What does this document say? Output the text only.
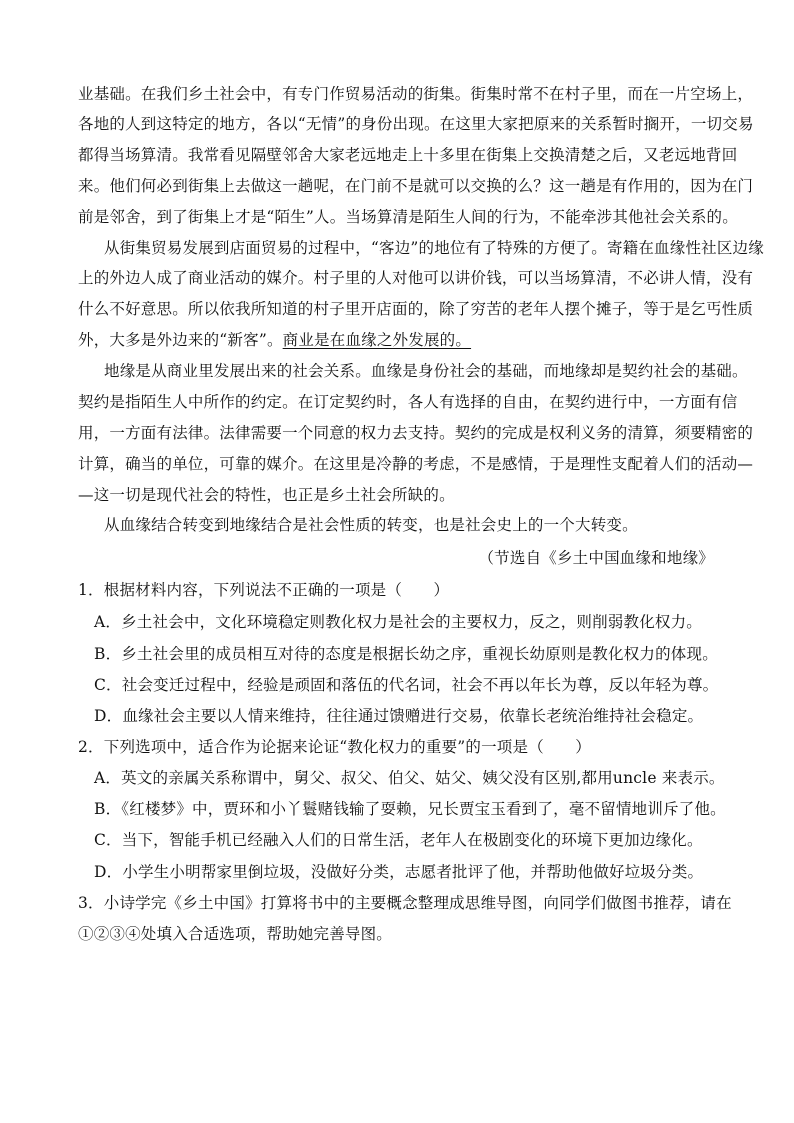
业基础。在我们乡土社会中，有专门作贸易活动的街集。街集时常不在村子里，而在一片空场上，
各地的人到这特定的地方，各以“无情”的身份出现。在这里大家把原来的关系暂时搁开，一切交易
都得当场算清。我常看见隔壁邻舍大家老远地走上十多里在街集上交换清楚之后，又老远地背回
来。他们何必到街集上去做这一趟呢，在门前不是就可以交换的么？这一趟是有作用的，因为在门
前是邻舍，到了街集上才是“陌生”人。当场算清是陌生人间的行为，不能牵涉其他社会关系的。
从街集贸易发展到店面贸易的过程中，“客边”的地位有了特殊的方便了。寄籍在血缘性社区边缘
上的外边人成了商业活动的媒介。村子里的人对他可以讲价钱，可以当场算清，不必讲人情，没有
什么不好意思。所以依我所知道的村子里开店面的，除了穷苦的老年人摆个摊子，等于是乞丐性质
外，大多是外边来的“新客”。商业是在血缘之外发展的。
地缘是从商业里发展出来的社会关系。血缘是身份社会的基础，而地缘却是契约社会的基础。
契约是指陌生人中所作的约定。在订定契约时，各人有选择的自由，在契约进行中，一方面有信
用，一方面有法律。法律需要一个同意的权力去支持。契约的完成是权利义务的清算，须要精密的
计算，确当的单位，可靠的媒介。在这里是冷静的考虑，不是感情，于是理性支配着人们的活动—
—这一切是现代社会的特性，也正是乡土社会所缺的。
从血缘结合转变到地缘结合是社会性质的转变，也是社会史上的一个大转变。
（节选自《乡土中国血缘和地缘》
1．根据材料内容，下列说法不正确的一项是（　　）
A．乡土社会中，文化环境稳定则教化权力是社会的主要权力，反之，则削弱教化权力。
B．乡土社会里的成员相互对待的态度是根据长幼之序，重视长幼原则是教化权力的体现。
C．社会变迁过程中，经验是顽固和落伍的代名词，社会不再以年长为尊，反以年轻为尊。
D．血缘社会主要以人情来维持，往往通过馈赠进行交易，依靠长老统治维持社会稳定。
2．下列选项中，适合作为论据来论证“教化权力的重要”的一项是（　　）
A．英文的亲属关系称谓中，舅父、叔父、伯父、姑父、姨父没有区别,都用uncle 来表示。
B．《红楼梦》中，贾环和小丫鬟赌钱输了耍赖，兄长贾宝玉看到了，毫不留情地训斥了他。
C．当下，智能手机已经融入人们的日常生活，老年人在极剧变化的环境下更加边缘化。
D．小学生小明帮家里倒垃圾，没做好分类，志愿者批评了他，并帮助他做好垃圾分类。
3．小诗学完《乡土中国》打算将书中的主要概念整理成思维导图，向同学们做图书推荐，请在
①②③④处填入合适选项，帮助她完善导图。
